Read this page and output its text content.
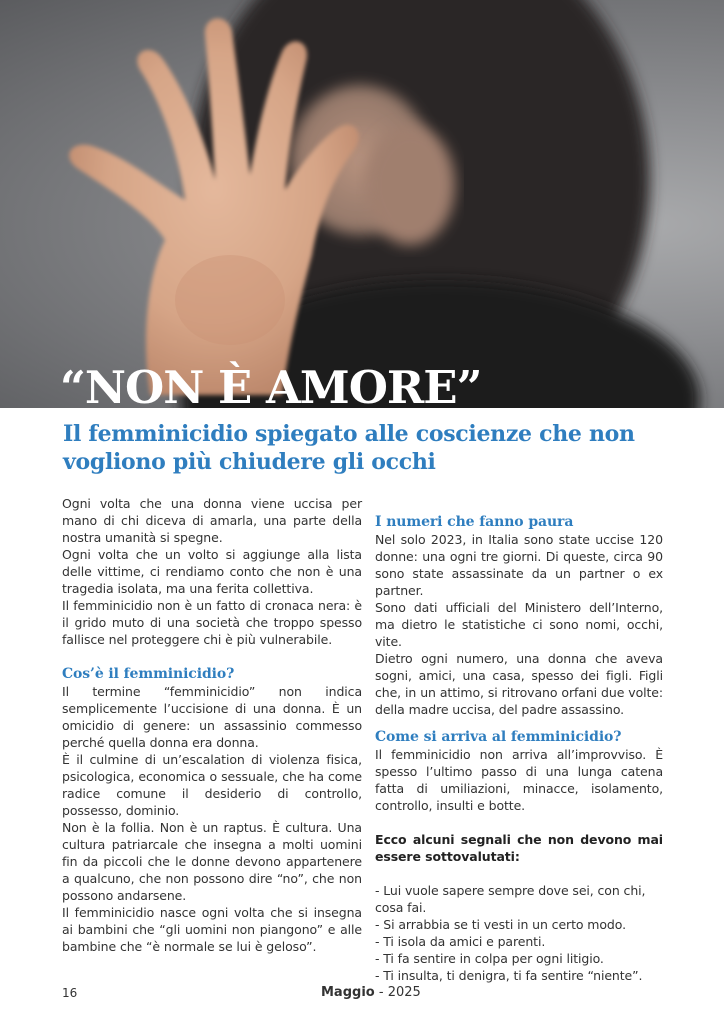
“NON È AMORE”
Il femminicidio spiegato alle coscienze che non vogliono più chiudere gli occhi

Ogni volta che una donna viene uccisa per mano di chi diceva di amarla, una parte della nostra umanità si spegne.

Ogni volta che un volto si aggiunge alla lista delle vittime, ci rendiamo conto che non è una tragedia isolata, ma una ferita collettiva.

Il femminicidio non è un fatto di cronaca nera: è il grido muto di una società che troppo spesso fallisce nel proteggere chi è più vulnerabile.

Cos’è il femminicidio?

Il termine “femminicidio” non indica semplicemente l’uccisione di una donna. È un omicidio di genere: un assassinio commesso perché quella donna era donna.

È il culmine di un’escalation di violenza fisica, psicologica, economica o sessuale, che ha come radice comune il desiderio di controllo, possesso, dominio.

Non è la follia. Non è un raptus. È cultura. Una cultura patriarcale che insegna a molti uomini fin da piccoli che le donne devono appartenere a qualcuno, che non possono dire “no”, che non possono andarsene.

Il femminicidio nasce ogni volta che si insegna ai bambini che “gli uomini non piangono” e alle bambine che “è normale se lui è geloso”.

I numeri che fanno paura

Nel solo 2023, in Italia sono state uccise 120 donne: una ogni tre giorni. Di queste, circa 90 sono state assassinate da un partner o ex partner.

Sono dati ufficiali del Ministero dell’Interno, ma dietro le statistiche ci sono nomi, occhi, vite.

Dietro ogni numero, una donna che aveva sogni, amici, una casa, spesso dei figli. Figli che, in un attimo, si ritrovano orfani due volte: della madre uccisa, del padre assassino.

Come si arriva al femminicidio?

Il femminicidio non arriva all’improvviso. È spesso l’ultimo passo di una lunga catena fatta di umiliazioni, minacce, isolamento, controllo, insulti e botte.

Ecco alcuni segnali che non devono mai essere sottovalutati:

- Lui vuole sapere sempre dove sei, con chi, cosa fai.
- Si arrabbia se ti vesti in un certo modo.
- Ti isola da amici e parenti.
- Ti fa sentire in colpa per ogni litigio.
- Ti insulta, ti denigra, ti fa sentire “niente”.
16	Maggio - 2025
